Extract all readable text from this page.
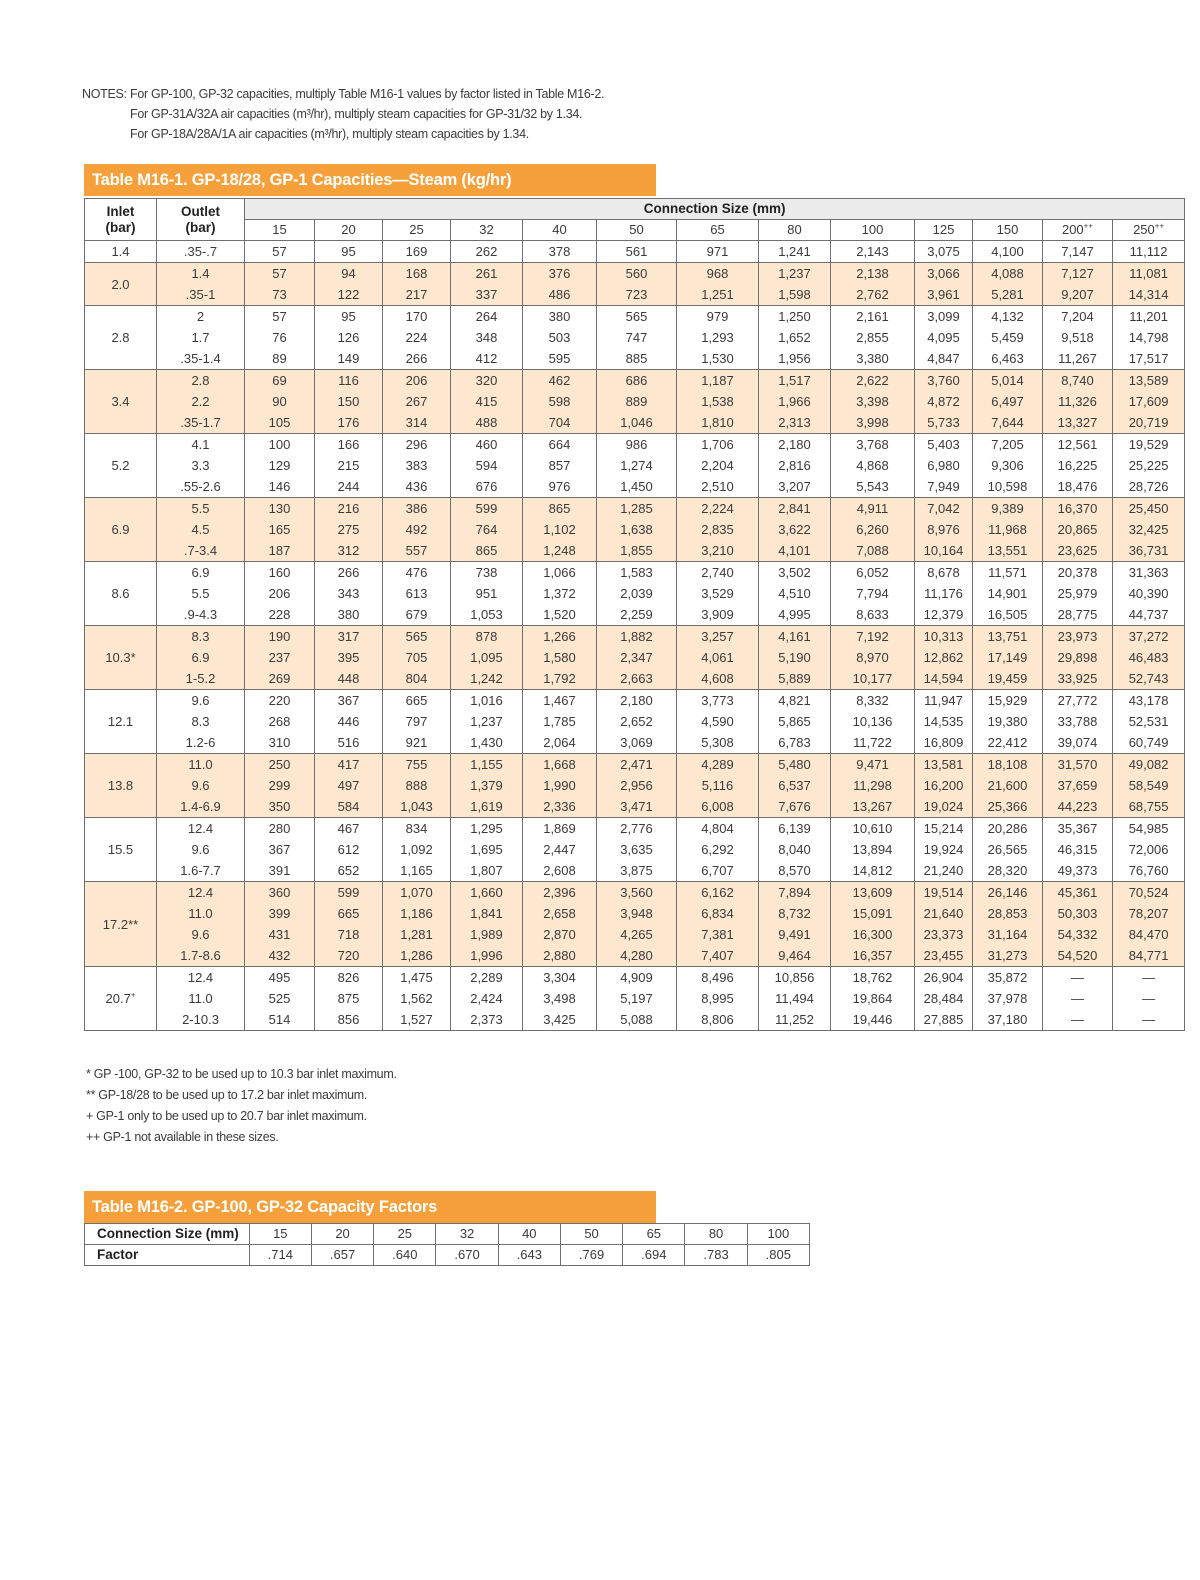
NOTES: For GP-100, GP-32 capacities, multiply Table M16-1 values by factor listed in Table M16-2.
For GP-31A/32A air capacities (m³/hr), multiply steam capacities for GP-31/32 by 1.34.
For GP-18A/28A/1A air capacities (m³/hr), multiply steam capacities by 1.34.
Table M16-1. GP-18/28, GP-1 Capacities—Steam (kg/hr)
Inlet
(bar)	Outlet
(bar)	Connection Size (mm)												
		15	20	25	32	40	50	65	80	100	125	150	200++	250++
1.4	.35-.7	57	95	169	262	378	561	971	1,241	2,143	3,075	4,100	7,147	11,112
2.0	1.4	57	94	168	261	376	560	968	1,237	2,138	3,066	4,088	7,127	11,081
	.35-1	73	122	217	337	486	723	1,251	1,598	2,762	3,961	5,281	9,207	14,314
2.8	2	57	95	170	264	380	565	979	1,250	2,161	3,099	4,132	7,204	11,201
	1.7	76	126	224	348	503	747	1,293	1,652	2,855	4,095	5,459	9,518	14,798
	.35-1.4	89	149	266	412	595	885	1,530	1,956	3,380	4,847	6,463	11,267	17,517
3.4	2.8	69	116	206	320	462	686	1,187	1,517	2,622	3,760	5,014	8,740	13,589
	2.2	90	150	267	415	598	889	1,538	1,966	3,398	4,872	6,497	11,326	17,609
	.35-1.7	105	176	314	488	704	1,046	1,810	2,313	3,998	5,733	7,644	13,327	20,719
5.2	4.1	100	166	296	460	664	986	1,706	2,180	3,768	5,403	7,205	12,561	19,529
	3.3	129	215	383	594	857	1,274	2,204	2,816	4,868	6,980	9,306	16,225	25,225
	.55-2.6	146	244	436	676	976	1,450	2,510	3,207	5,543	7,949	10,598	18,476	28,726
6.9	5.5	130	216	386	599	865	1,285	2,224	2,841	4,911	7,042	9,389	16,370	25,450
	4.5	165	275	492	764	1,102	1,638	2,835	3,622	6,260	8,976	11,968	20,865	32,425
	.7-3.4	187	312	557	865	1,248	1,855	3,210	4,101	7,088	10,164	13,551	23,625	36,731
8.6	6.9	160	266	476	738	1,066	1,583	2,740	3,502	6,052	8,678	11,571	20,378	31,363
	5.5	206	343	613	951	1,372	2,039	3,529	4,510	7,794	11,176	14,901	25,979	40,390
	.9-4.3	228	380	679	1,053	1,520	2,259	3,909	4,995	8,633	12,379	16,505	28,775	44,737
10.3*	8.3	190	317	565	878	1,266	1,882	3,257	4,161	7,192	10,313	13,751	23,973	37,272
	6.9	237	395	705	1,095	1,580	2,347	4,061	5,190	8,970	12,862	17,149	29,898	46,483
	1-5.2	269	448	804	1,242	1,792	2,663	4,608	5,889	10,177	14,594	19,459	33,925	52,743
12.1	9.6	220	367	665	1,016	1,467	2,180	3,773	4,821	8,332	11,947	15,929	27,772	43,178
	8.3	268	446	797	1,237	1,785	2,652	4,590	5,865	10,136	14,535	19,380	33,788	52,531
	1.2-6	310	516	921	1,430	2,064	3,069	5,308	6,783	11,722	16,809	22,412	39,074	60,749
13.8	11.0	250	417	755	1,155	1,668	2,471	4,289	5,480	9,471	13,581	18,108	31,570	49,082
	9.6	299	497	888	1,379	1,990	2,956	5,116	6,537	11,298	16,200	21,600	37,659	58,549
	1.4-6.9	350	584	1,043	1,619	2,336	3,471	6,008	7,676	13,267	19,024	25,366	44,223	68,755
15.5	12.4	280	467	834	1,295	1,869	2,776	4,804	6,139	10,610	15,214	20,286	35,367	54,985
	9.6	367	612	1,092	1,695	2,447	3,635	6,292	8,040	13,894	19,924	26,565	46,315	72,006
	1.6-7.7	391	652	1,165	1,807	2,608	3,875	6,707	8,570	14,812	21,240	28,320	49,373	76,760
17.2**	12.4	360	599	1,070	1,660	2,396	3,560	6,162	7,894	13,609	19,514	26,146	45,361	70,524
	11.0	399	665	1,186	1,841	2,658	3,948	6,834	8,732	15,091	21,640	28,853	50,303	78,207
	9.6	431	718	1,281	1,989	2,870	4,265	7,381	9,491	16,300	23,373	31,164	54,332	84,470
	1.7-8.6	432	720	1,286	1,996	2,880	4,280	7,407	9,464	16,357	23,455	31,273	54,520	84,771
20.7+	12.4	495	826	1,475	2,289	3,304	4,909	8,496	10,856	18,762	26,904	35,872	—	—
	11.0	525	875	1,562	2,424	3,498	5,197	8,995	11,494	19,864	28,484	37,978	—	—
	2-10.3	514	856	1,527	2,373	3,425	5,088	8,806	11,252	19,446	27,885	37,180	—	—
* GP -100, GP-32 to be used up to 10.3 bar inlet maximum.
** GP-18/28 to be used up to 17.2 bar inlet maximum.
+ GP-1 only to be used up to 20.7 bar inlet maximum.
++ GP-1 not available in these sizes.
Table M16-2. GP-100, GP-32 Capacity Factors
Connection Size (mm)	15	20	25	32	40	50	65	80	100
Factor	.714	.657	.640	.670	.643	.769	.694	.783	.805
